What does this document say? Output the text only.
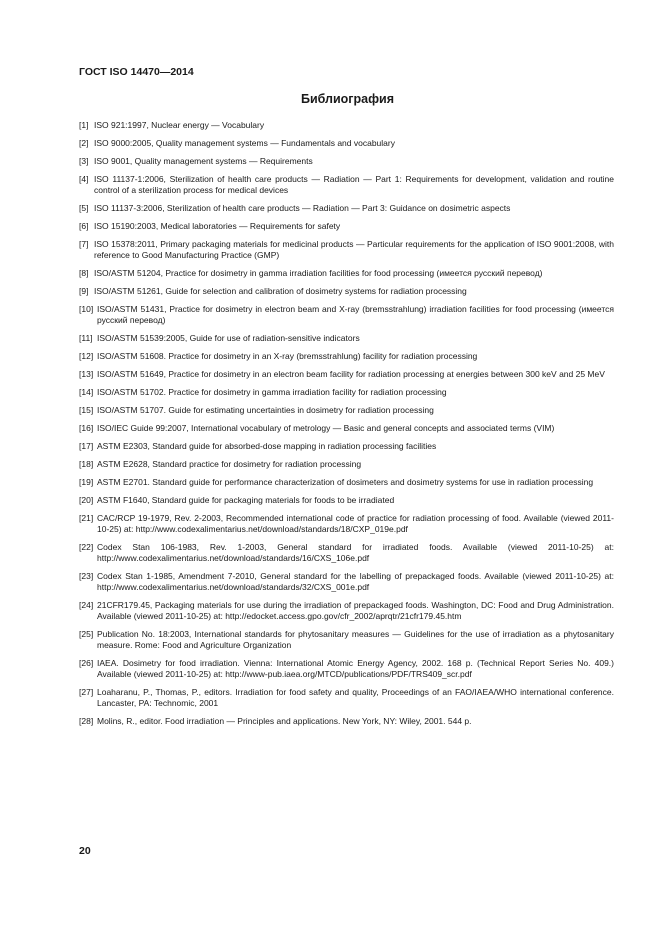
ГОСТ ISO 14470—2014
Библиография
[1] ISO 921:1997, Nuclear energy — Vocabulary
[2] ISO 9000:2005, Quality management systems — Fundamentals and vocabulary
[3] ISO 9001, Quality management systems — Requirements
[4] ISO 11137-1:2006, Sterilization of health care products — Radiation — Part 1: Requirements for development, validation and routine control of a sterilization process for medical devices
[5] ISO 11137-3:2006, Sterilization of health care products — Radiation — Part 3: Guidance on dosimetric aspects
[6] ISO 15190:2003, Medical laboratories — Requirements for safety
[7] ISO 15378:2011, Primary packaging materials for medicinal products — Particular requirements for the application of ISO 9001:2008, with reference to Good Manufacturing Practice (GMP)
[8] ISO/ASTM 51204, Practice for dosimetry in gamma irradiation facilities for food processing (имеется русский перевод)
[9] ISO/ASTM 51261, Guide for selection and calibration of dosimetry systems for radiation processing
[10] ISO/ASTM 51431, Practice for dosimetry in electron beam and X-ray (bremsstrahlung) irradiation facilities for food processing (имеется русский перевод)
[11] ISO/ASTM 51539:2005, Guide for use of radiation-sensitive indicators
[12] ISO/ASTM 51608. Practice for dosimetry in an X-ray (bremsstrahlung) facility for radiation processing
[13] ISO/ASTM 51649, Practice for dosimetry in an electron beam facility for radiation processing at energies between 300 keV and 25 MeV
[14] ISO/ASTM 51702. Practice for dosimetry in gamma irradiation facility for radiation processing
[15] ISO/ASTM 51707. Guide for estimating uncertainties in dosimetry for radiation processing
[16] ISO/IEC Guide 99:2007, International vocabulary of metrology — Basic and general concepts and associated terms (VIM)
[17] ASTM E2303, Standard guide for absorbed-dose mapping in radiation processing facilities
[18] ASTM E2628, Standard practice for dosimetry for radiation processing
[19] ASTM E2701. Standard guide for performance characterization of dosimeters and dosimetry systems for use in radiation processing
[20] ASTM F1640, Standard guide for packaging materials for foods to be irradiated
[21] CAC/RCP 19-1979, Rev. 2-2003, Recommended international code of practice for radiation processing of food. Available (viewed 2011-10-25) at: http://www.codexalimentarius.net/download/standards/18/CXP_019e.pdf
[22] Codex Stan 106-1983, Rev. 1-2003, General standard for irradiated foods. Available (viewed 2011-10-25) at: http://www.codexalimentarius.net/download/standards/16/CXS_106e.pdf
[23] Codex Stan 1-1985, Amendment 7-2010, General standard for the labelling of prepackaged foods. Available (viewed 2011-10-25) at: http://www.codexalimentarius.net/download/standards/32/CXS_001e.pdf
[24] 21CFR179.45, Packaging materials for use during the irradiation of prepackaged foods. Washington, DC: Food and Drug Administration. Available (viewed 2011-10-25) at: http://edocket.access.gpo.gov/cfr_2002/aprqtr/21cfr179.45.htm
[25] Publication No. 18:2003, International standards for phytosanitary measures — Guidelines for the use of irradiation as a phytosanitary measure. Rome: Food and Agriculture Organization
[26] IAEA. Dosimetry for food irradiation. Vienna: International Atomic Energy Agency, 2002. 168 p. (Technical Report Series No. 409.) Available (viewed 2011-10-25) at: http://www-pub.iaea.org/MTCD/publications/PDF/TRS409_scr.pdf
[27] Loaharanu, P., Thomas, P., editors. Irradiation for food safety and quality, Proceedings of an FAO/IAEA/WHO international conference. Lancaster, PA: Technomic, 2001
[28] Molins, R., editor. Food irradiation — Principles and applications. New York, NY: Wiley, 2001. 544 p.
20
